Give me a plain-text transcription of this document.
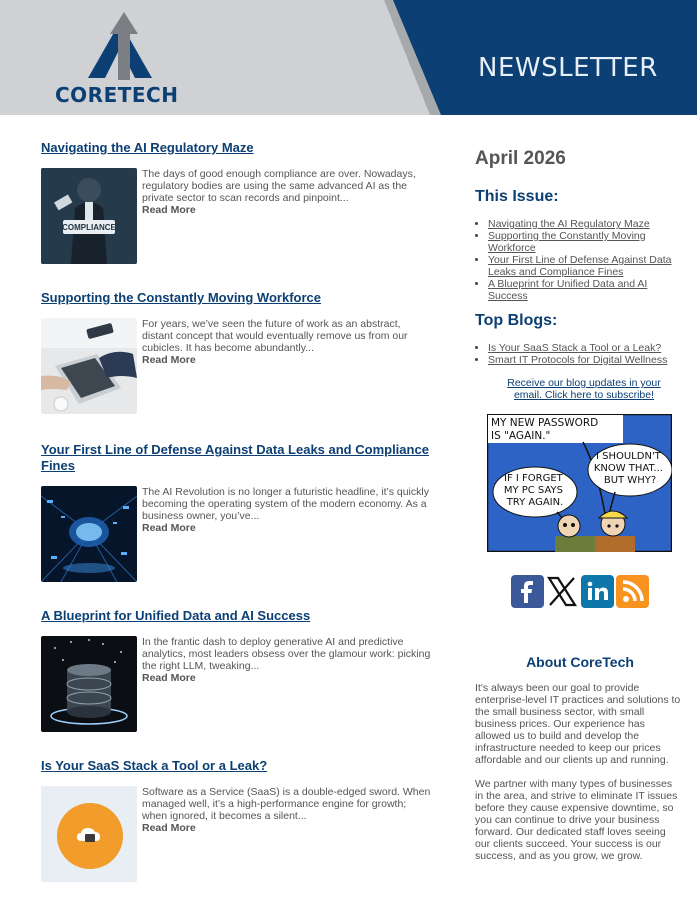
CORETECH
NEWSLETTER
Navigating the AI Regulatory Maze
COMPLIANCE
The days of good enough compliance are over. Nowadays, regulatory bodies are using the same advanced AI as the private sector to scan records and pinpoint...
Read More
Supporting the Constantly Moving Workforce
For years, we’ve seen the future of work as an abstract, distant concept that would eventually remove us from our cubicles. It has become abundantly...
Read More
Your First Line of Defense Against Data Leaks and Compliance Fines
The AI Revolution is no longer a futuristic headline, it’s quickly becoming the operating system of the modern economy. As a business owner, you’ve...
Read More
A Blueprint for Unified Data and AI Success
In the frantic dash to deploy generative AI and predictive analytics, most leaders obsess over the glamour work: picking the right LLM, tweaking...
Read More
Is Your SaaS Stack a Tool or a Leak?
Software as a Service (SaaS) is a double-edged sword. When managed well, it’s a high-performance engine for growth; when ignored, it becomes a silent...
Read More
April 2026
This Issue:
• Navigating the AI Regulatory Maze
• Supporting the Constantly Moving Workforce
• Your First Line of Defense Against Data Leaks and Compliance Fines
• A Blueprint for Unified Data and AI Success
Top Blogs:
• Is Your SaaS Stack a Tool or a Leak?
• Smart IT Protocols for Digital Wellness
Receive our blog updates in your email. Click here to subscribe!
MY NEW PASSWORD IS "AGAIN."
I SHOULDN'T KNOW THAT... BUT WHY?
IF I FORGET MY PC SAYS TRY AGAIN.
About CoreTech

It's always been our goal to provide enterprise-level IT practices and solutions to the small business sector, with small business prices. Our experience has allowed us to build and develop the infrastructure needed to keep our prices affordable and our clients up and running.

We partner with many types of businesses in the area, and strive to eliminate IT issues before they cause expensive downtime, so you can continue to drive your business forward. Our dedicated staff loves seeing our clients succeed. Your success is our success, and as you grow, we grow.
